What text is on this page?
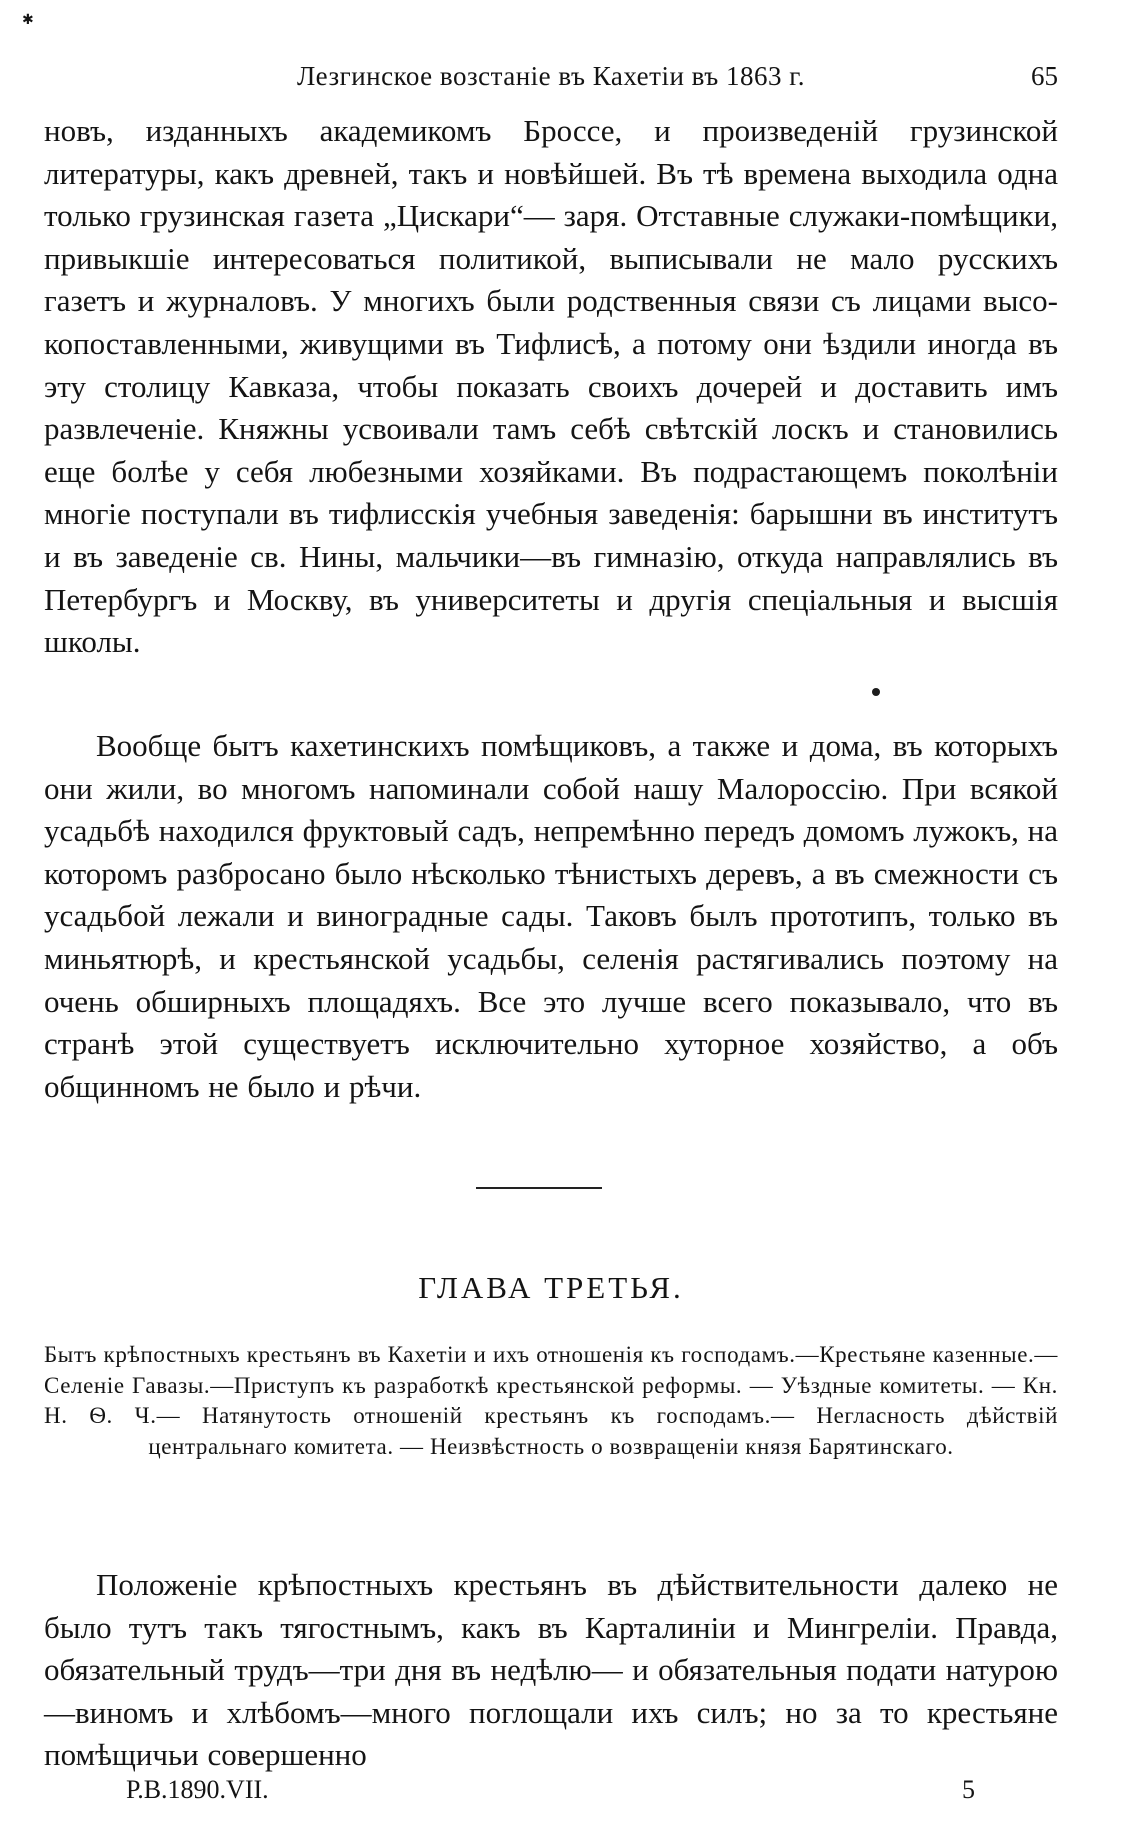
✱
Лезгинское возстаніе въ Кахетіи въ 1863 г.	65

новъ, изданныхъ академикомъ Броссе, и произведеній грузинской литературы, какъ древней, такъ и новѣйшей. Въ тѣ времена выходила одна только грузинская газета „Цискари“— заря. Отставные служаки-помѣщики, привыкшіе интересоваться политикой, выписывали не мало русскихъ газетъ и журналовъ. У многихъ были родственныя связи съ лицами высокопоставленными, живущими въ Тифлисѣ, а потому они ѣздили иногда въ эту столицу Кавказа, чтобы показать своихъ дочерей и доставить имъ развлеченіе. Княжны усвоивали тамъ себѣ свѣтскій лоскъ и становились еще болѣе у себя любезными хозяйками. Въ подрастающемъ поколѣніи многіе поступали въ тифлисскія учебныя заведенія: барышни въ институтъ и въ заведеніе св. Нины, мальчики—въ гимназію, откуда направлялись въ Петербургъ и Москву, въ университеты и другія спеціальныя и высшія школы.

Вообще бытъ кахетинскихъ помѣщиковъ, а также и дома, въ которыхъ они жили, во многомъ напоминали собой нашу Малороссію. При всякой усадьбѣ находился фруктовый садъ, непремѣнно передъ домомъ лужокъ, на которомъ разбросано было нѣсколько тѣнистыхъ деревъ, а въ смежности съ усадьбой лежали и виноградные сады. Таковъ былъ прототипъ, только въ миньятюрѣ, и крестьянской усадьбы, селенія растягивались поэтому на очень обширныхъ площадяхъ. Все это лучше всего показывало, что въ странѣ этой существуетъ исключительно хуторное хозяйство, а объ общинномъ не было и рѣчи.

ГЛАВА ТРЕТЬЯ.

Бытъ крѣпостныхъ крестьянъ въ Кахетіи и ихъ отношенія къ господамъ.—Крестьяне казенные.—Селеніе Гавазы.—Приступъ къ разработкѣ крестьянской реформы. — Уѣздные комитеты. — Кн. Н. Ѳ. Ч.— Натянутость отношеній крестьянъ къ господамъ.— Негласность дѣйствій центральнаго комитета. — Неизвѣстность о возвращеніи князя Барятинскаго.

Положеніе крѣпостныхъ крестьянъ въ дѣйствительности далеко не было тутъ такъ тягостнымъ, какъ въ Карталиніи и Мингреліи. Правда, обязательный трудъ—три дня въ недѣлю— и обязательныя подати натурою—виномъ и хлѣбомъ—много поглощали ихъ силъ; но за то крестьяне помѣщичьи совершенно

Р.В.1890.VII.	5
